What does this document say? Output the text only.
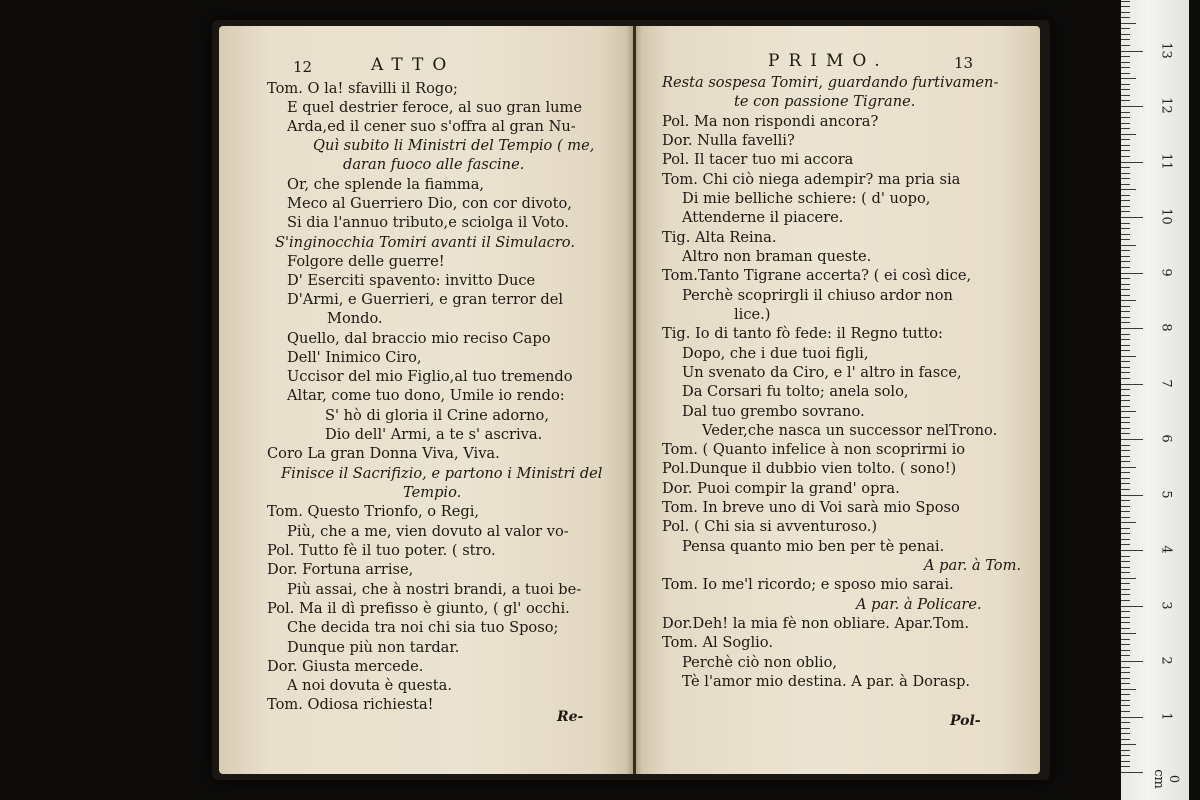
12	ATTO
Tom. O la! sfavilli il Rogo;
E quel destrier feroce, al suo gran lume
Arda,ed il cener suo s'offra al gran Nu-
Quì subito li Ministri del Tempio ( me,
daran fuoco alle fascine.
Or, che splende la fiamma,
Meco al Guerriero Dio, con cor divoto,
Si dia l'annuo tributo,e sciolga il Voto.
S'inginocchia Tomiri avanti il Simulacro.
Folgore delle guerre!
D' Eserciti spavento: invitto Duce
D'Armi, e Guerrieri, e gran terror del
Mondo.
Quello, dal braccio mio reciso Capo
Dell' Inimico Ciro,
Uccisor del mio Figlio,al tuo tremendo
Altar, come tuo dono, Umile io rendo:
S' hò di gloria il Crine adorno,
Dio dell' Armi, a te s' ascriva.
Coro La gran Donna Viva, Viva.
Finisce il Sacrifizio, e partono i Ministri del
Tempio.
Tom. Questo Trionfo, o Regi,
Più, che a me, vien dovuto al valor vo-
Pol. Tutto fè il tuo poter. ( stro.
Dor. Fortuna arrise,
Più assai, che à nostri brandi, a tuoi be-
Pol. Ma il dì prefisso è giunto, ( gl' occhi.
Che decida tra noi chi sia tuo Sposo;
Dunque più non tardar.
Dor. Giusta mercede.
A noi dovuta è questa.
Tom. Odiosa richiesta!
Re-
PRIMO.	13
Resta sospesa Tomiri, guardando furtivamen-
te con passione Tigrane.
Pol. Ma non rispondi ancora?
Dor. Nulla favelli?
Pol. Il tacer tuo mi accora
Tom. Chi ciò niega adempir? ma pria sia
Di mie belliche schiere: ( d' uopo,
Attenderne il piacere.
Tig. Alta Reina.
Altro non braman queste.
Tom.Tanto Tigrane accerta? ( ei così dice,
Perchè scoprirgli il chiuso ardor non
lice.)
Tig. Io di tanto fò fede: il Regno tutto:
Dopo, che i due tuoi figli,
Un svenato da Ciro, e l' altro in fasce,
Da Corsari fu tolto; anela solo,
Dal tuo grembo sovrano.
Veder,che nasca un successor nelTrono.
Tom. ( Quanto infelice à non scoprirmi io
Pol.Dunque il dubbio vien tolto. ( sono!)
Dor. Puoi compir la grand' opra.
Tom. In breve uno di Voi sarà mio Sposo
Pol. ( Chi sia si avventuroso.)
Pensa quanto mio ben per tè penai.
A par. à Tom.
Tom. Io me'l ricordo; e sposo mio sarai.
A par. à Policare.
Dor.Deh! la mia fè non obliare. Apar.Tom.
Tom. Al Soglio.
Perchè ciò non oblio,
Tè l'amor mio destina. A par. à Dorasp.
Pol-
0 cm
1
2
3
4
5
6
7
8
9
10
11
12
13
